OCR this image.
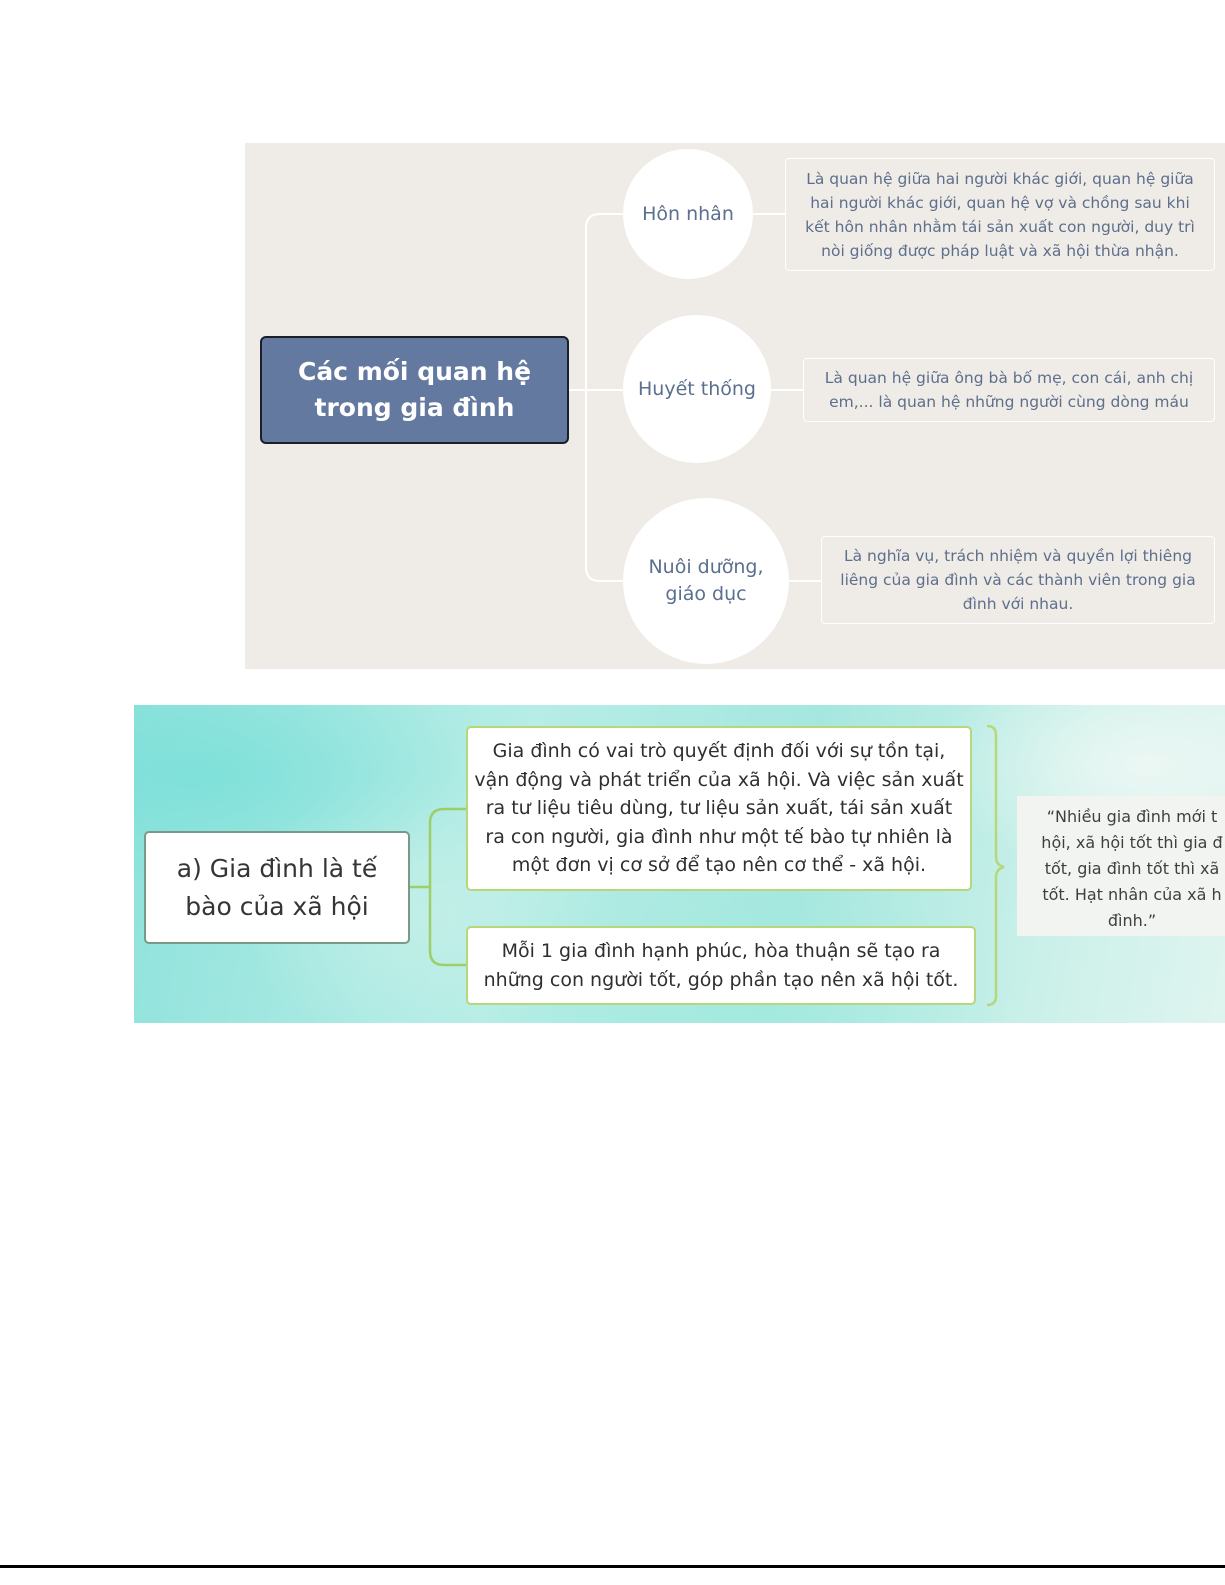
Các mối quan hệ trong gia đình
Hôn nhân
Huyết thống
Nuôi dưỡng, giáo dục
Là quan hệ giữa hai người khác giới, quan hệ giữa
hai người khác giới, quan hệ vợ và chồng sau khi
kết hôn nhân nhằm tái sản xuất con người, duy trì
nòi giống được pháp luật và xã hội thừa nhận.
Là quan hệ giữa ông bà bố mẹ, con cái, anh chị
em,... là quan hệ những người cùng dòng máu
Là nghĩa vụ, trách nhiệm và quyền lợi thiêng
liêng của gia đình và các thành viên trong gia
đình với nhau.
a) Gia đình là tế
bào của xã hội
Gia đình có vai trò quyết định đối với sự tồn tại,
vận động và phát triển của xã hội. Và việc sản xuất
ra tư liệu tiêu dùng, tư liệu sản xuất, tái sản xuất
ra con người, gia đình như một tế bào tự nhiên là
một đơn vị cơ sở để tạo nên cơ thể - xã hội.
Mỗi 1 gia đình hạnh phúc, hòa thuận sẽ tạo ra
những con người tốt, góp phần tạo nên xã hội tốt.
“Nhiều gia đình mới t
hội, xã hội tốt thì gia đ
tốt, gia đình tốt thì xã
tốt. Hạt nhân của xã h
đình.”
